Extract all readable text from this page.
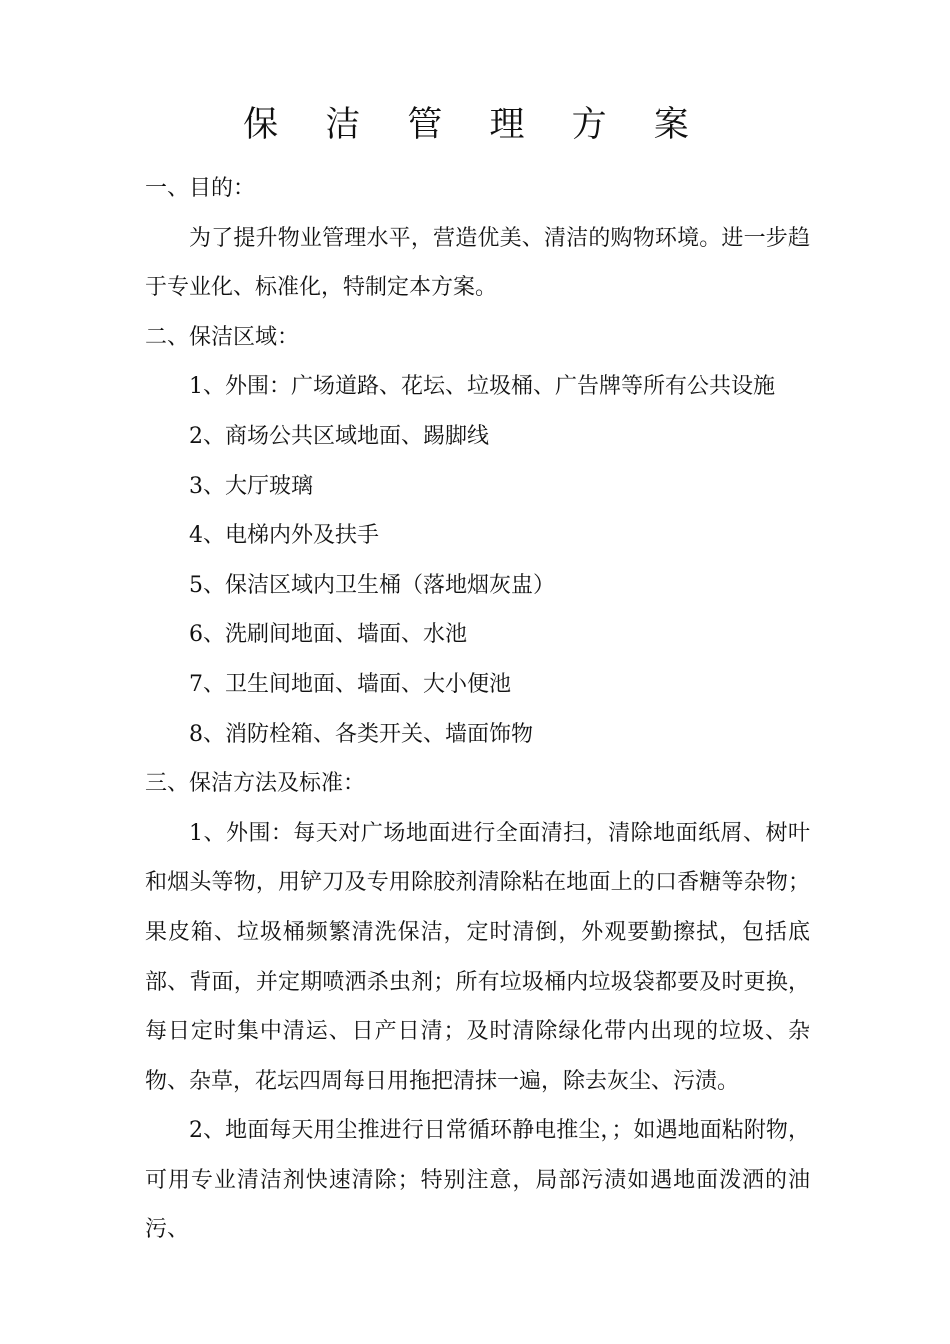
保 洁 管 理 方 案

一、目的：

为了提升物业管理水平，营造优美、清洁的购物环境。进一步趋于专业化、标准化，特制定本方案。

二、保洁区域：

1、外围：广场道路、花坛、垃圾桶、广告牌等所有公共设施

2、商场公共区域地面、踢脚线

3、大厅玻璃

4、电梯内外及扶手

5、保洁区域内卫生桶（落地烟灰盅）

6、洗刷间地面、墙面、水池

7、卫生间地面、墙面、大小便池

8、消防栓箱、各类开关、墙面饰物

三、保洁方法及标准：

1、外围：每天对广场地面进行全面清扫，清除地面纸屑、树叶和烟头等物，用铲刀及专用除胶剂清除粘在地面上的口香糖等杂物；果皮箱、垃圾桶频繁清洗保洁，定时清倒，外观要勤擦拭，包括底部、背面，并定期喷洒杀虫剂；所有垃圾桶内垃圾袋都要及时更换，每日定时集中清运、日产日清；及时清除绿化带内出现的垃圾、杂物、杂草，花坛四周每日用拖把清抹一遍，除去灰尘、污渍。

2、地面每天用尘推进行日常循环静电推尘，；如遇地面粘附物，可用专业清洁剂快速清除；特别注意，局部污渍如遇地面泼洒的油污、
